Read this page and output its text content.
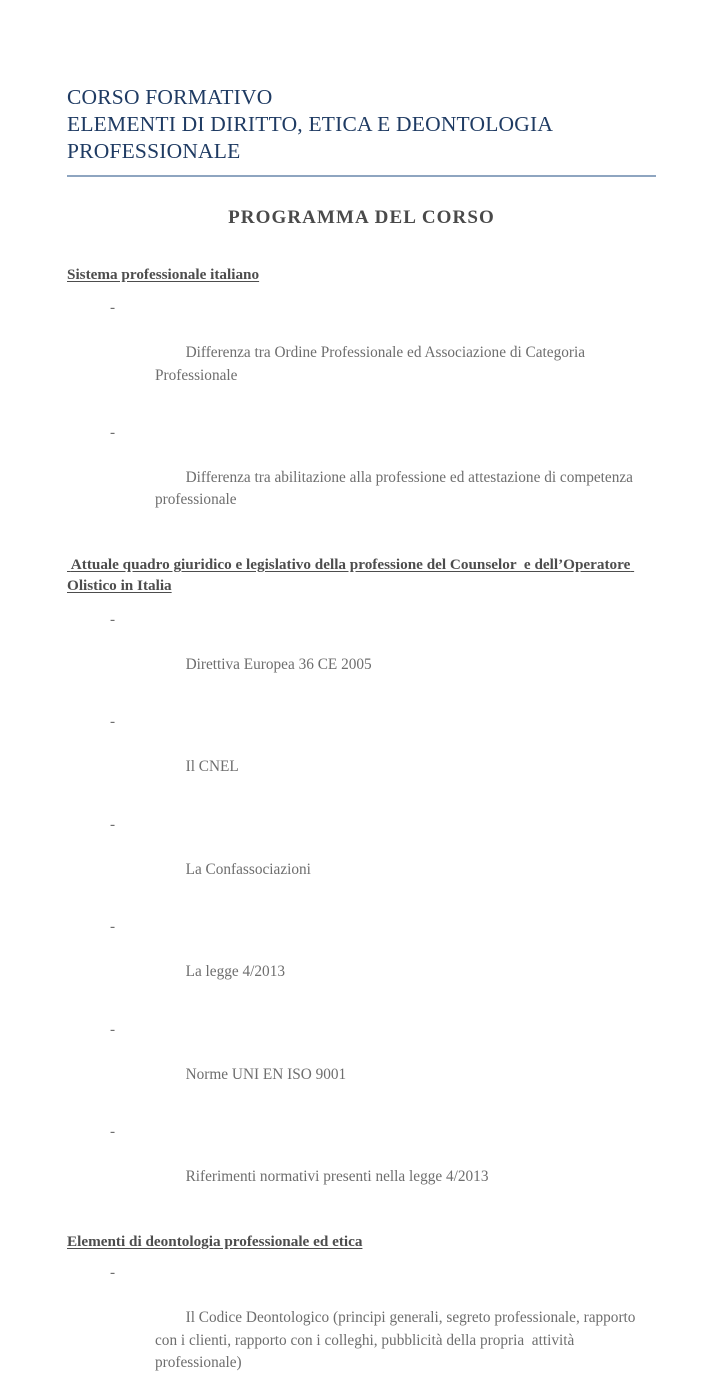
CORSO FORMATIVO
ELEMENTI DI DIRITTO, ETICA E DEONTOLOGIA
PROFESSIONALE
PROGRAMMA DEL CORSO

Sistema professionale italiano

-

Differenza tra Ordine Professionale ed Associazione di Categoria Professionale

-

Differenza tra abilitazione alla professione ed attestazione di competenza professionale

Attuale quadro giuridico e legislativo della professione del Counselor  e dell’Operatore Olistico in Italia

-

Direttiva Europea 36 CE 2005

-

Il CNEL

-

La Confassociazioni

-

La legge 4/2013

-

Norme UNI EN ISO 9001

-

Riferimenti normativi presenti nella legge 4/2013

Elementi di deontologia professionale ed etica

-

Il Codice Deontologico (principi generali, segreto professionale, rapporto con i clienti, rapporto con i colleghi, pubblicità della propria  attività professionale)
